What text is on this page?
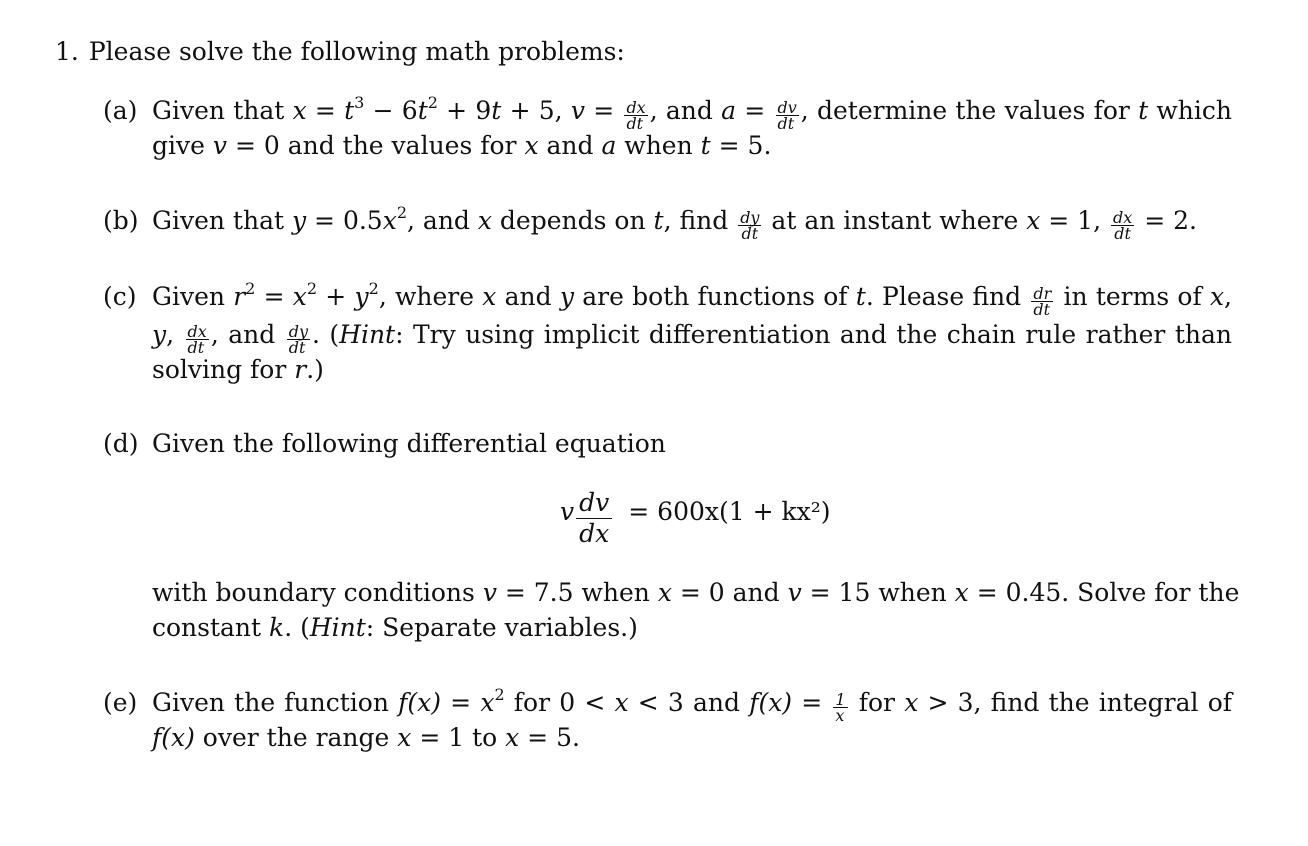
1. Please solve the following math problems:
(a) Given that $x = t^3 - 6t^2 + 9t + 5$, $v = \frac{dx}{dt}$ , and $a = \frac{dv}{dt}$ , determine the values for t which
give v = 0 and the values for x and a when t = 5.
(b) Given that $y = 0.5x^2$, and x depends on t, find $\frac{dy}{dt}$ at an instant where x = 1, $\frac{dx}{dt} = 2$.
(c) Given $r^2 = x^2 + y^2$, where x and y are both functions of t. Please find $\frac{dr}{dt}$ in terms of x,
y, $\frac{dx}{dt}$ , and $\frac{dy}{dt}$ . (Hint: Try using implicit differentiation and the chain rule rather than
solving for r.)
(d) Given the following differential equation
v $\frac{dv}{dx} = 600x(1 + kx^2)$
with boundary conditions v = 7.5 when x = 0 and v = 15 when x = 0.45. Solve for the
constant k. (Hint: Separate variables.)
(e) Given the function $f(x) = x^2$ for 0 < x < 3 and $f(x) = \frac{1}{x}$ for x > 3, find the integral of
f(x) over the range x = 1 to x = 5.
